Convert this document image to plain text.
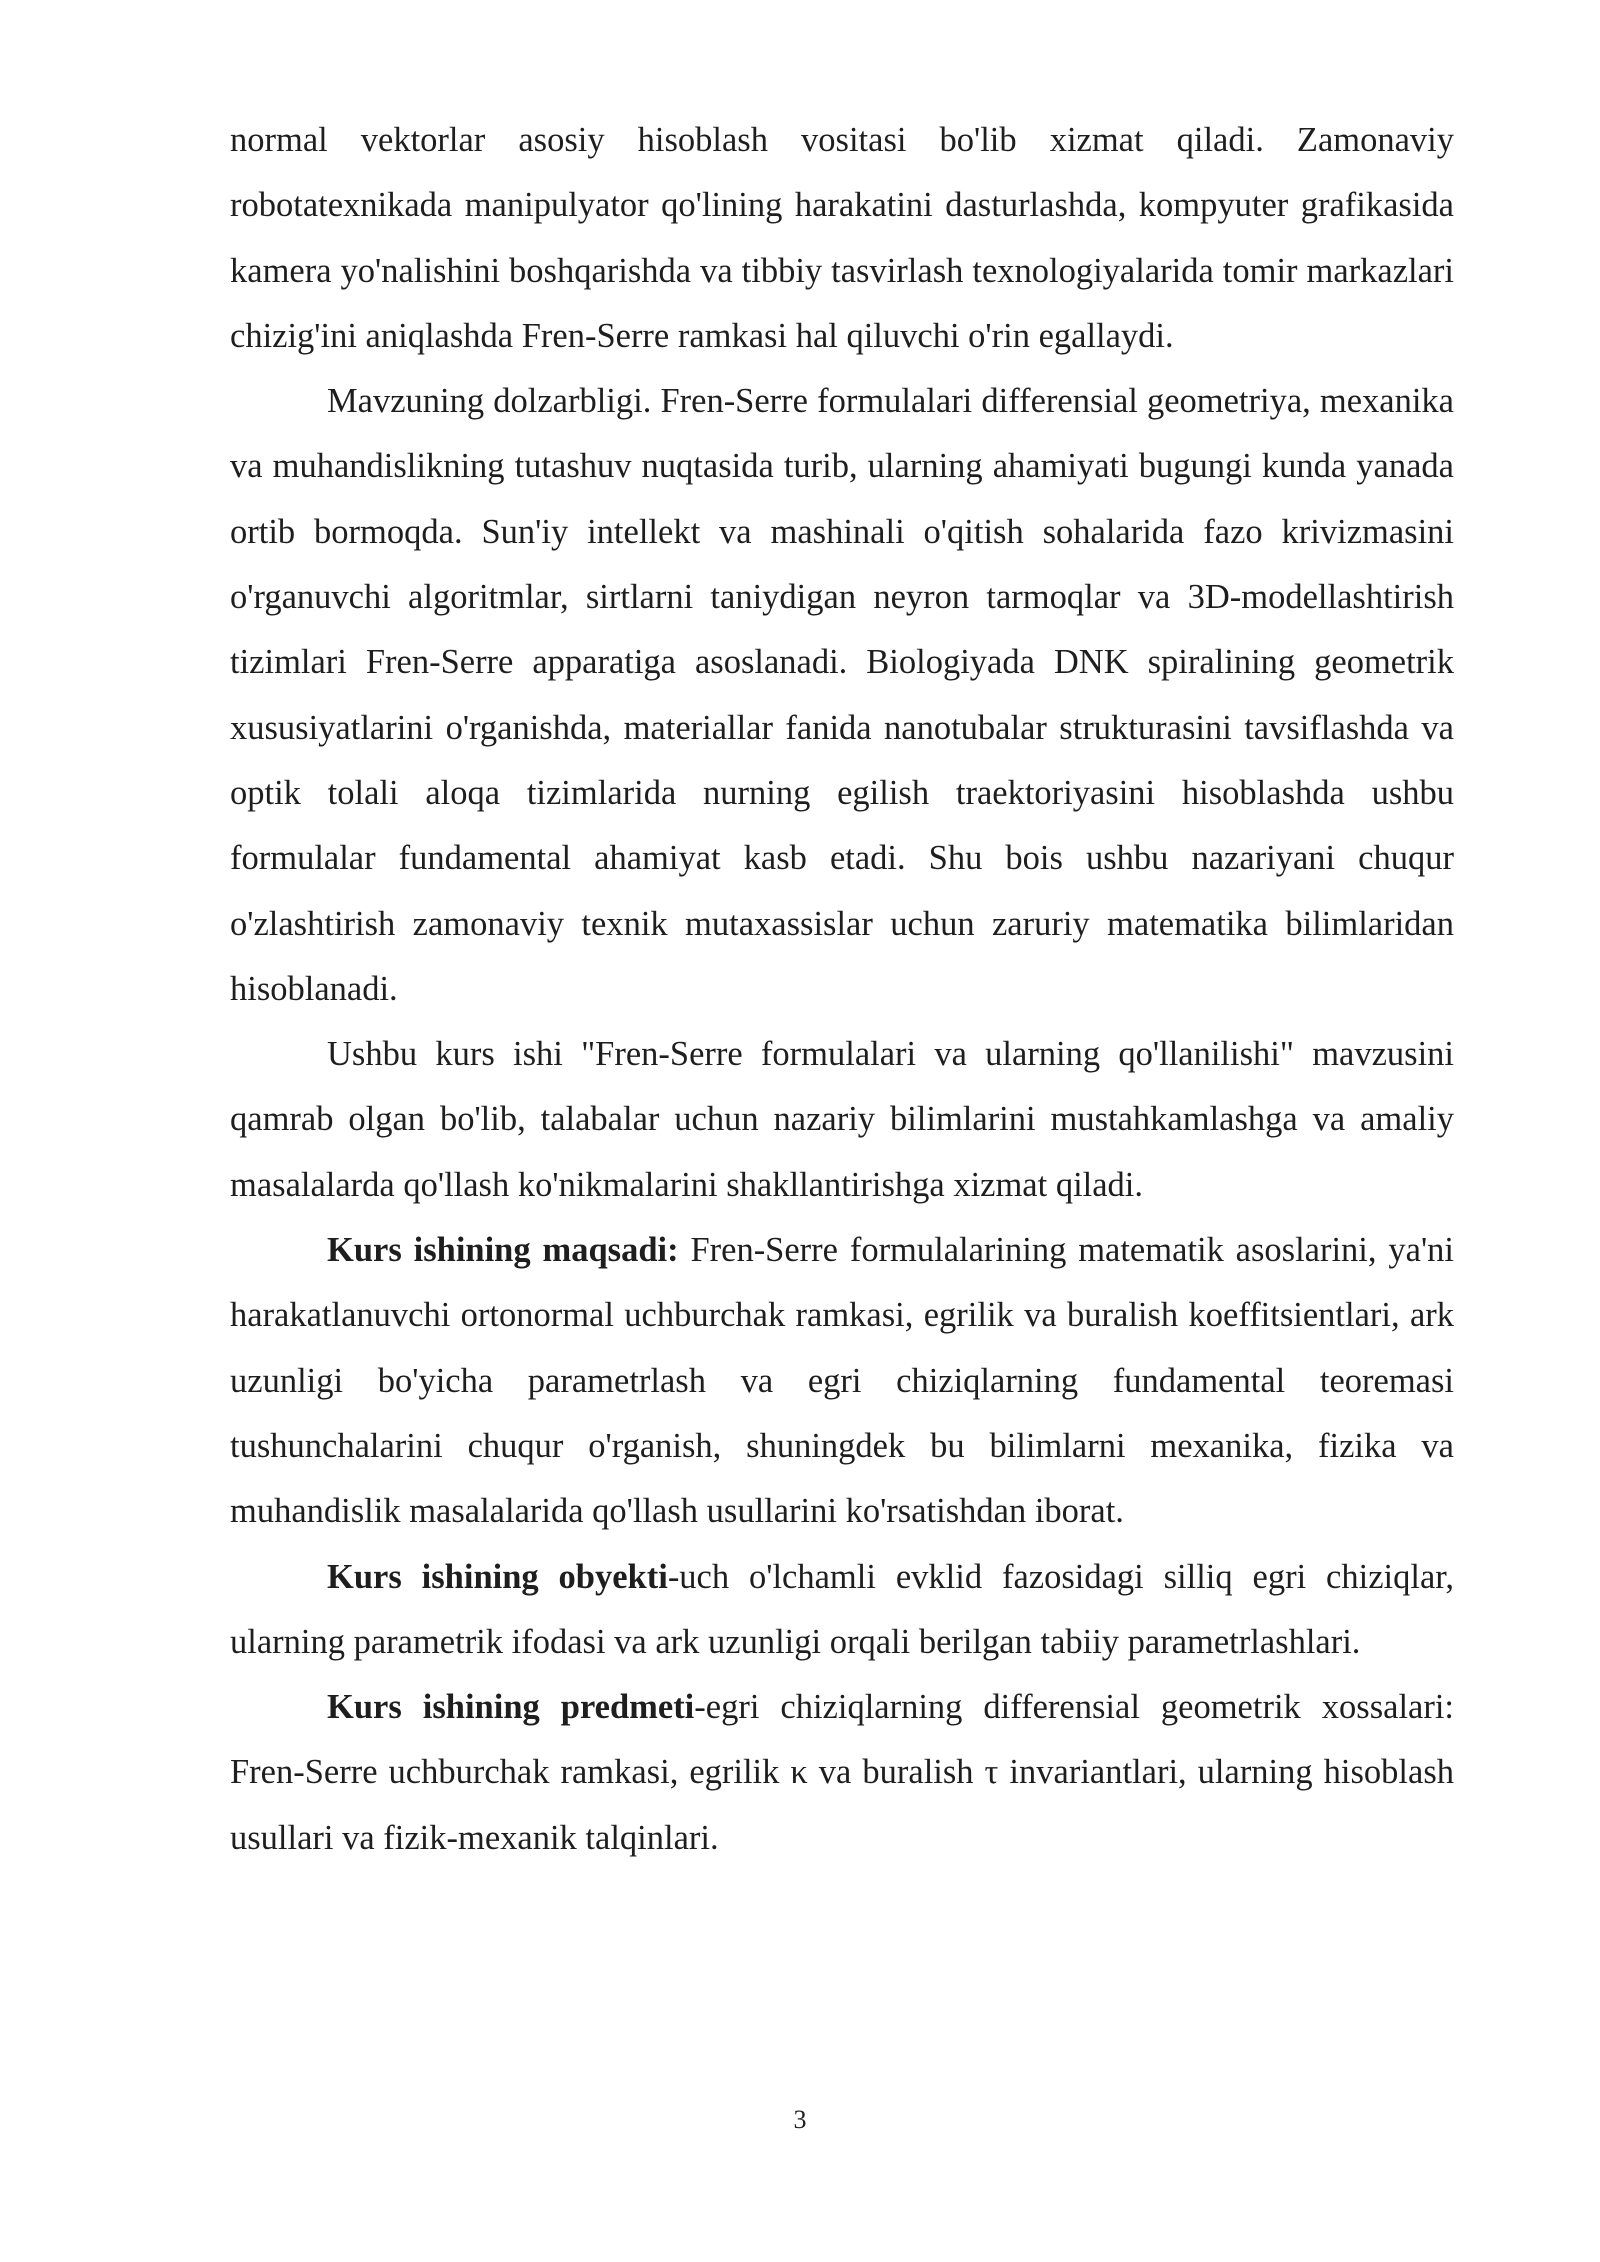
normal vektorlar asosiy hisoblash vositasi bo'lib xizmat qiladi. Zamonaviy robotatexnikada manipulyator qo'lining harakatini dasturlashda, kompyuter grafikasida kamera yo'nalishini boshqarishda va tibbiy tasvirlash texnologiyalarida tomir markazlari chizig'ini aniqlashda Fren-Serre ramkasi hal qiluvchi o'rin egallaydi.

Mavzuning dolzarbligi. Fren-Serre formulalari differensial geometriya, mexanika va muhandislikning tutashuv nuqtasida turib, ularning ahamiyati bugungi kunda yanada ortib bormoqda. Sun'iy intellekt va mashinali o'qitish sohalarida fazo krivizmasini o'rganuvchi algoritmlar, sirtlarni taniydigan neyron tarmoqlar va 3D-modellashtirish tizimlari Fren-Serre apparatiga asoslanadi. Biologiyada DNK spiralining geometrik xususiyatlarini o'rganishda, materiallar fanida nanotubalar strukturasini tavsiflashda va optik tolali aloqa tizimlarida nurning egilish traektoriyasini hisoblashda ushbu formulalar fundamental ahamiyat kasb etadi. Shu bois ushbu nazariyani chuqur o'zlashtirish zamonaviy texnik mutaxassislar uchun zaruriy matematika bilimlaridan hisoblanadi.

Ushbu kurs ishi "Fren-Serre formulalari va ularning qo'llanilishi" mavzusini qamrab olgan bo'lib, talabalar uchun nazariy bilimlarini mustahkamlashga va amaliy masalalarda qo'llash ko'nikmalarini shakllantirishga xizmat qiladi.

Kurs ishining maqsadi: Fren-Serre formulalarining matematik asoslarini, ya'ni harakatlanuvchi ortonormal uchburchak ramkasi, egrilik va buralish koeffitsientlari, ark uzunligi bo'yicha parametrlash va egri chiziqlarning fundamental teoremasi tushunchalarini chuqur o'rganish, shuningdek bu bilimlarni mexanika, fizika va muhandislik masalalarida qo'llash usullarini ko'rsatishdan iborat.

Kurs ishining obyekti-uch o'lchamli evklid fazosidagi silliq egri chiziqlar, ularning parametrik ifodasi va ark uzunligi orqali berilgan tabiiy parametrlashlari.

Kurs ishining predmeti-egri chiziqlarning differensial geometrik xossalari: Fren-Serre uchburchak ramkasi, egrilik κ va buralish τ invariantlari, ularning hisoblash usullari va fizik-mexanik talqinlari.

3
